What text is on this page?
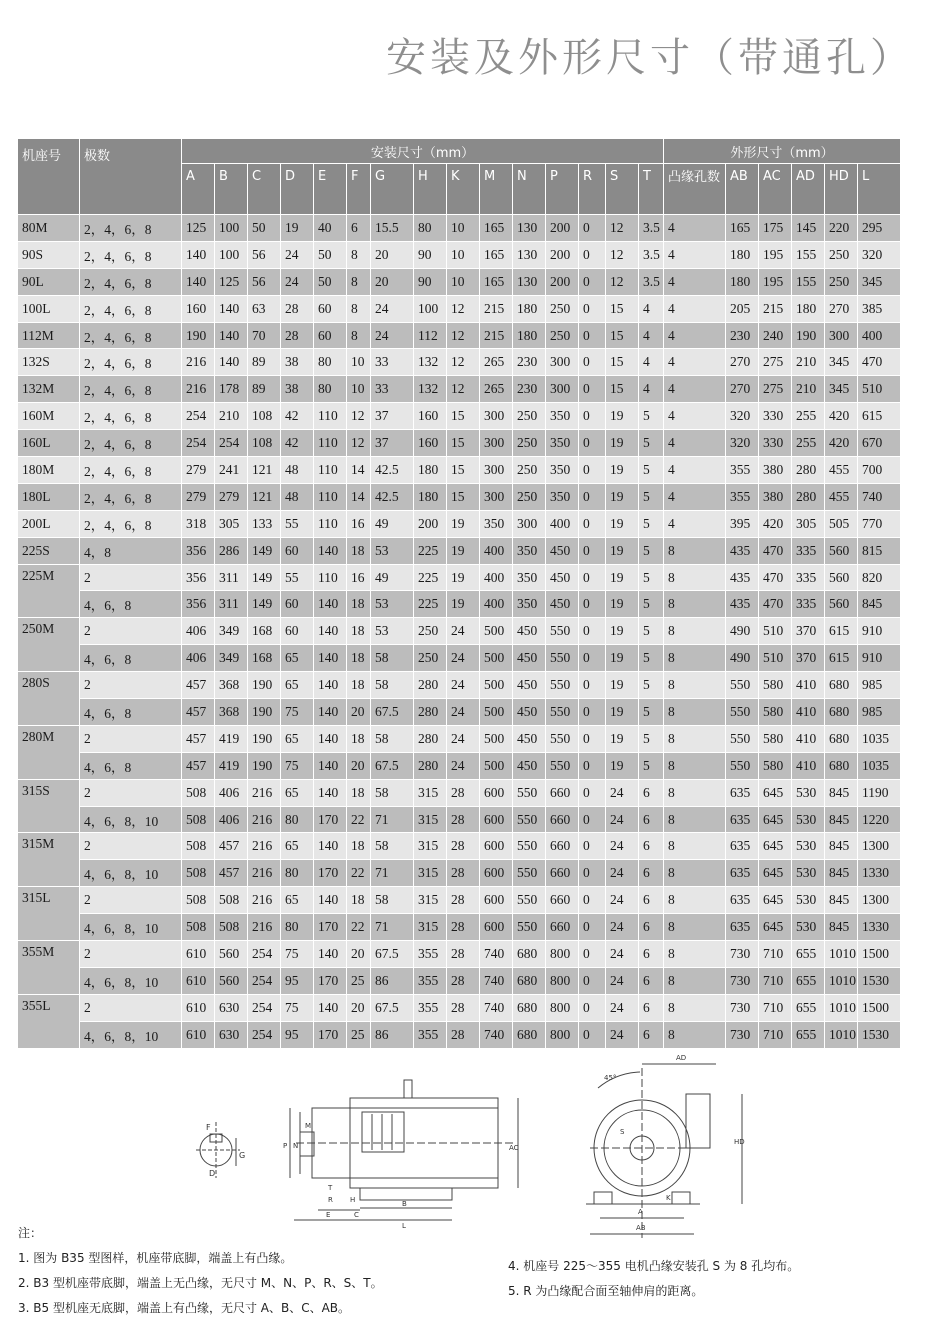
安装及外形尺寸（带通孔）
机座号	极数	安装尺寸（mm）															外形尺寸（mm）					
		A	B	C	D	E	F	G	H	K	M	N	P	R	S	T	凸缘孔数	AB	AC	AD	HD	L
80M	2，4，6，8	125	100	50	19	40	6	15.5	80	10	165	130	200	0	12	3.5	4	165	175	145	220	295
90S	2，4，6，8	140	100	56	24	50	8	20	90	10	165	130	200	0	12	3.5	4	180	195	155	250	320
90L	2，4，6，8	140	125	56	24	50	8	20	90	10	165	130	200	0	12	3.5	4	180	195	155	250	345
100L	2，4，6，8	160	140	63	28	60	8	24	100	12	215	180	250	0	15	4	4	205	215	180	270	385
112M	2，4，6，8	190	140	70	28	60	8	24	112	12	215	180	250	0	15	4	4	230	240	190	300	400
132S	2，4，6，8	216	140	89	38	80	10	33	132	12	265	230	300	0	15	4	4	270	275	210	345	470
132M	2，4，6，8	216	178	89	38	80	10	33	132	12	265	230	300	0	15	4	4	270	275	210	345	510
160M	2，4，6，8	254	210	108	42	110	12	37	160	15	300	250	350	0	19	5	4	320	330	255	420	615
160L	2，4，6，8	254	254	108	42	110	12	37	160	15	300	250	350	0	19	5	4	320	330	255	420	670
180M	2，4，6，8	279	241	121	48	110	14	42.5	180	15	300	250	350	0	19	5	4	355	380	280	455	700
180L	2，4，6，8	279	279	121	48	110	14	42.5	180	15	300	250	350	0	19	5	4	355	380	280	455	740
200L	2，4，6，8	318	305	133	55	110	16	49	200	19	350	300	400	0	19	5	4	395	420	305	505	770
225S	4，8	356	286	149	60	140	18	53	225	19	400	350	450	0	19	5	8	435	470	335	560	815
225M	2	356	311	149	55	110	16	49	225	19	400	350	450	0	19	5	8	435	470	335	560	820
	4，6，8	356	311	149	60	140	18	53	225	19	400	350	450	0	19	5	8	435	470	335	560	845
250M	2	406	349	168	60	140	18	53	250	24	500	450	550	0	19	5	8	490	510	370	615	910
	4，6，8	406	349	168	65	140	18	58	250	24	500	450	550	0	19	5	8	490	510	370	615	910
280S	2	457	368	190	65	140	18	58	280	24	500	450	550	0	19	5	8	550	580	410	680	985
	4，6，8	457	368	190	75	140	20	67.5	280	24	500	450	550	0	19	5	8	550	580	410	680	985
280M	2	457	419	190	65	140	18	58	280	24	500	450	550	0	19	5	8	550	580	410	680	1035
	4，6，8	457	419	190	75	140	20	67.5	280	24	500	450	550	0	19	5	8	550	580	410	680	1035
315S	2	508	406	216	65	140	18	58	315	28	600	550	660	0	24	6	8	635	645	530	845	1190
	4，6，8，10	508	406	216	80	170	22	71	315	28	600	550	660	0	24	6	8	635	645	530	845	1220
315M	2	508	457	216	65	140	18	58	315	28	600	550	660	0	24	6	8	635	645	530	845	1300
	4，6，8，10	508	457	216	80	170	22	71	315	28	600	550	660	0	24	6	8	635	645	530	845	1330
315L	2	508	508	216	65	140	18	58	315	28	600	550	660	0	24	6	8	635	645	530	845	1300
	4，6，8，10	508	508	216	80	170	22	71	315	28	600	550	660	0	24	6	8	635	645	530	845	1330
355M	2	610	560	254	75	140	20	67.5	355	28	740	680	800	0	24	6	8	730	710	655	1010	1500
	4，6，8，10	610	560	254	95	170	25	86	355	28	740	680	800	0	24	6	8	730	710	655	1010	1530
355L	2	610	630	254	75	140	20	67.5	355	28	740	680	800	0	24	6	8	730	710	655	1010	1500
	4，6，8，10	610	630	254	95	170	25	86	355	28	740	680	800	0	24	6	8	730	710	655	1010	1530
F
G
D
P N
M
R
AC
T
E	C
B
L
H
AD
HD
A
AB
K
S
45°
注：
1. 图为 B35 型图样，机座带底脚，端盖上有凸缘。
2. B3 型机座带底脚，端盖上无凸缘，无尺寸 M、N、P、R、S、T。
3. B5 型机座无底脚，端盖上有凸缘，无尺寸 A、B、C、AB。
4. 机座号 225～355 电机凸缘安装孔 S 为 8 孔均布。
5. R 为凸缘配合面至轴伸肩的距离。
